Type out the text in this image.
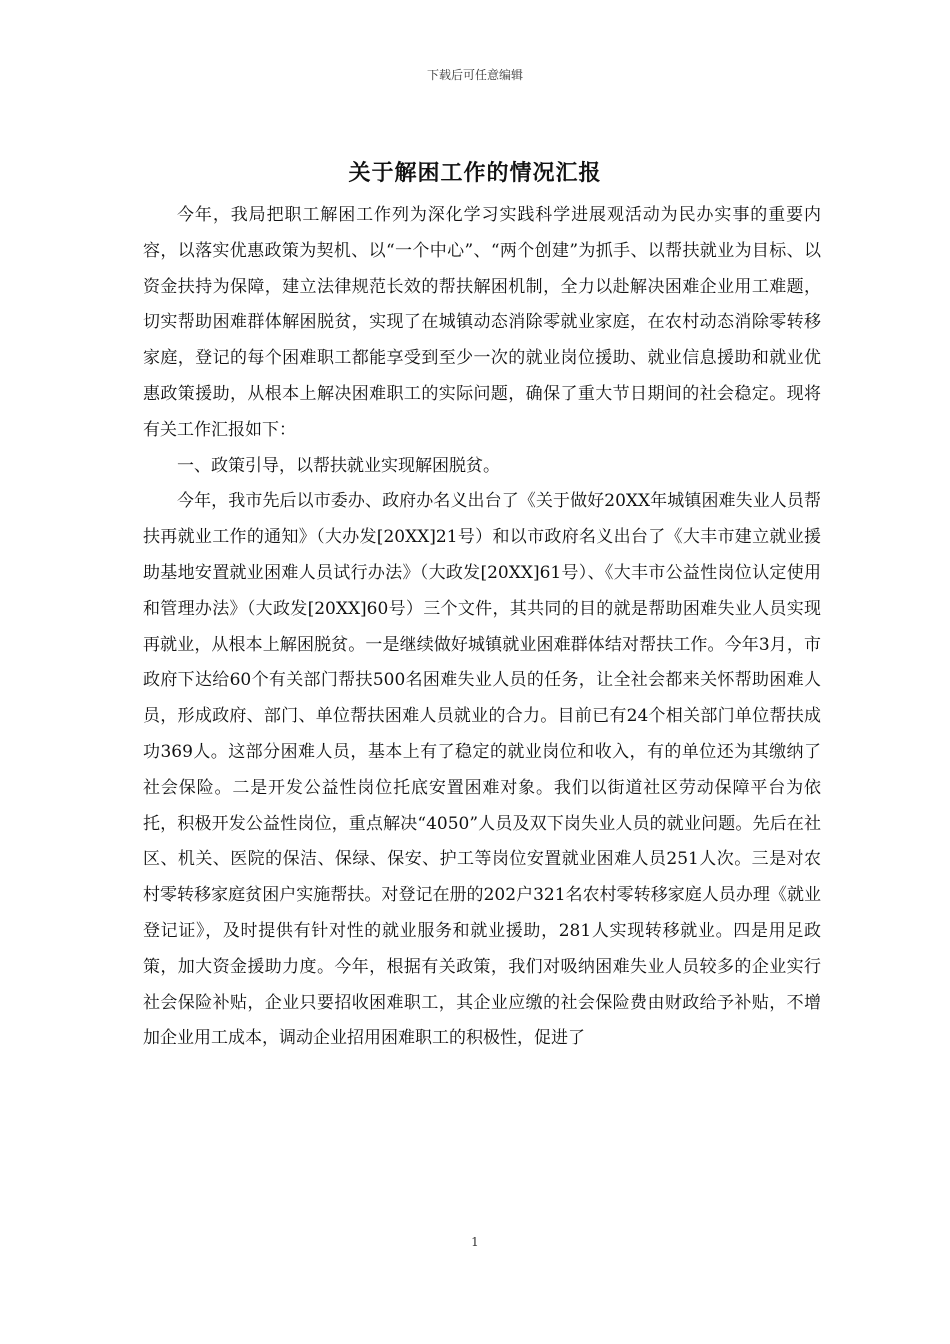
下载后可任意编辑
关于解困工作的情况汇报

今年，我局把职工解困工作列为深化学习实践科学进展观活动为民办实事的重要内容，以落实优惠政策为契机、以“一个中心”、“两个创建”为抓手、以帮扶就业为目标、以资金扶持为保障，建立法律规范长效的帮扶解困机制，全力以赴解决困难企业用工难题，切实帮助困难群体解困脱贫，实现了在城镇动态消除零就业家庭，在农村动态消除零转移家庭，登记的每个困难职工都能享受到至少一次的就业岗位援助、就业信息援助和就业优惠政策援助，从根本上解决困难职工的实际问题，确保了重大节日期间的社会稳定。现将有关工作汇报如下：

一、政策引导，以帮扶就业实现解困脱贫。

今年，我市先后以市委办、政府办名义出台了《关于做好20XX年城镇困难失业人员帮扶再就业工作的通知》（大办发[20XX]21号）和以市政府名义出台了《大丰市建立就业援助基地安置就业困难人员试行办法》（大政发[20XX]61号）、《大丰市公益性岗位认定使用和管理办法》（大政发[20XX]60号）三个文件，其共同的目的就是帮助困难失业人员实现再就业，从根本上解困脱贫。一是继续做好城镇就业困难群体结对帮扶工作。今年3月，市政府下达给60个有关部门帮扶500名困难失业人员的任务，让全社会都来关怀帮助困难人员，形成政府、部门、单位帮扶困难人员就业的合力。目前已有24个相关部门单位帮扶成功369人。这部分困难人员，基本上有了稳定的就业岗位和收入，有的单位还为其缴纳了社会保险。二是开发公益性岗位托底安置困难对象。我们以街道社区劳动保障平台为依托，积极开发公益性岗位，重点解决“4050”人员及双下岗失业人员的就业问题。先后在社区、机关、医院的保洁、保绿、保安、护工等岗位安置就业困难人员251人次。三是对农村零转移家庭贫困户实施帮扶。对登记在册的202户321名农村零转移家庭人员办理《就业登记证》，及时提供有针对性的就业服务和就业援助，281人实现转移就业。四是用足政策，加大资金援助力度。今年，根据有关政策，我们对吸纳困难失业人员较多的企业实行社会保险补贴，企业只要招收困难职工，其企业应缴的社会保险费由财政给予补贴，不增加企业用工成本，调动企业招用困难职工的积极性，促进了

1
